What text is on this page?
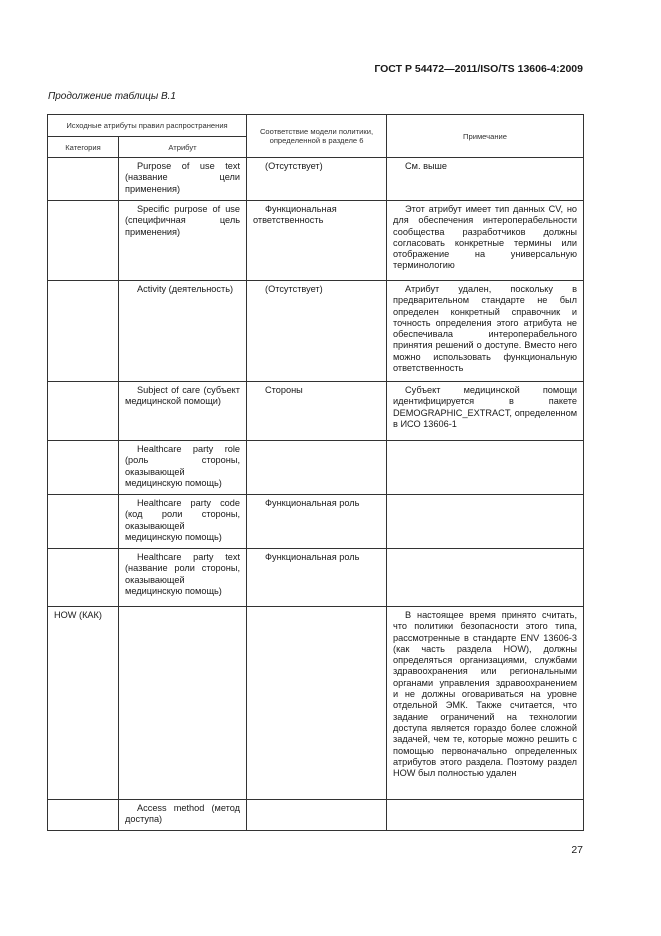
ГОСТ Р 54472—2011/ISO/TS 13606-4:2009
Продолжение таблицы В.1
Исходные атрибуты правил распространения		Соответствие модели политики,
определенной в разделе 6	Примечание
Категория	Атрибут		

	Purpose of use text (название цели применения)	(Отсутствует)	См. выше

	Specific purpose of use (специфичная цель применения)	Функциональная ответственность	Этот атрибут имеет тип данных CV, но для обеспечения интероперабельности сообщества разработчиков должны согласовать конкретные термины или отображение на универсальную терминологию

	Activity (деятельность)	(Отсутствует)	Атрибут удален, поскольку в предварительном стандарте не был определен конкретный справочник и точность определения этого атрибута не обеспечивала интероперабельного принятия решений о доступе. Вместо него можно использовать функциональную ответственность

	Subject of care (субъект медицинской помощи)	Стороны	Субъект медицинской помощи идентифицируется в пакете DEMOGRAPHIC_EXTRACT, определенном в ИСО 13606-1

	Healthcare party role (роль стороны, оказывающей медицинскую помощь)		

	Healthcare party code (код роли стороны, оказывающей медицинскую помощь)	Функциональная роль	

	Healthcare party text (название роли стороны, оказывающей медицинскую помощь)	Функциональная роль	

HOW (КАК)			В настоящее время принято считать, что политики безопасности этого типа, рассмотренные в стандарте ENV 13606-3 (как часть раздела HOW), должны определяться организациями, службами здравоохранения или региональными органами управления здравоохранением и не должны оговариваться на уровне отдельной ЭМК. Также считается, что задание ограничений на технологии доступа является гораздо более сложной задачей, чем те, которые можно решить с помощью первоначально определенных атрибутов этого раздела. Поэтому раздел HOW был полностью удален

	Access method (метод доступа)		

27
